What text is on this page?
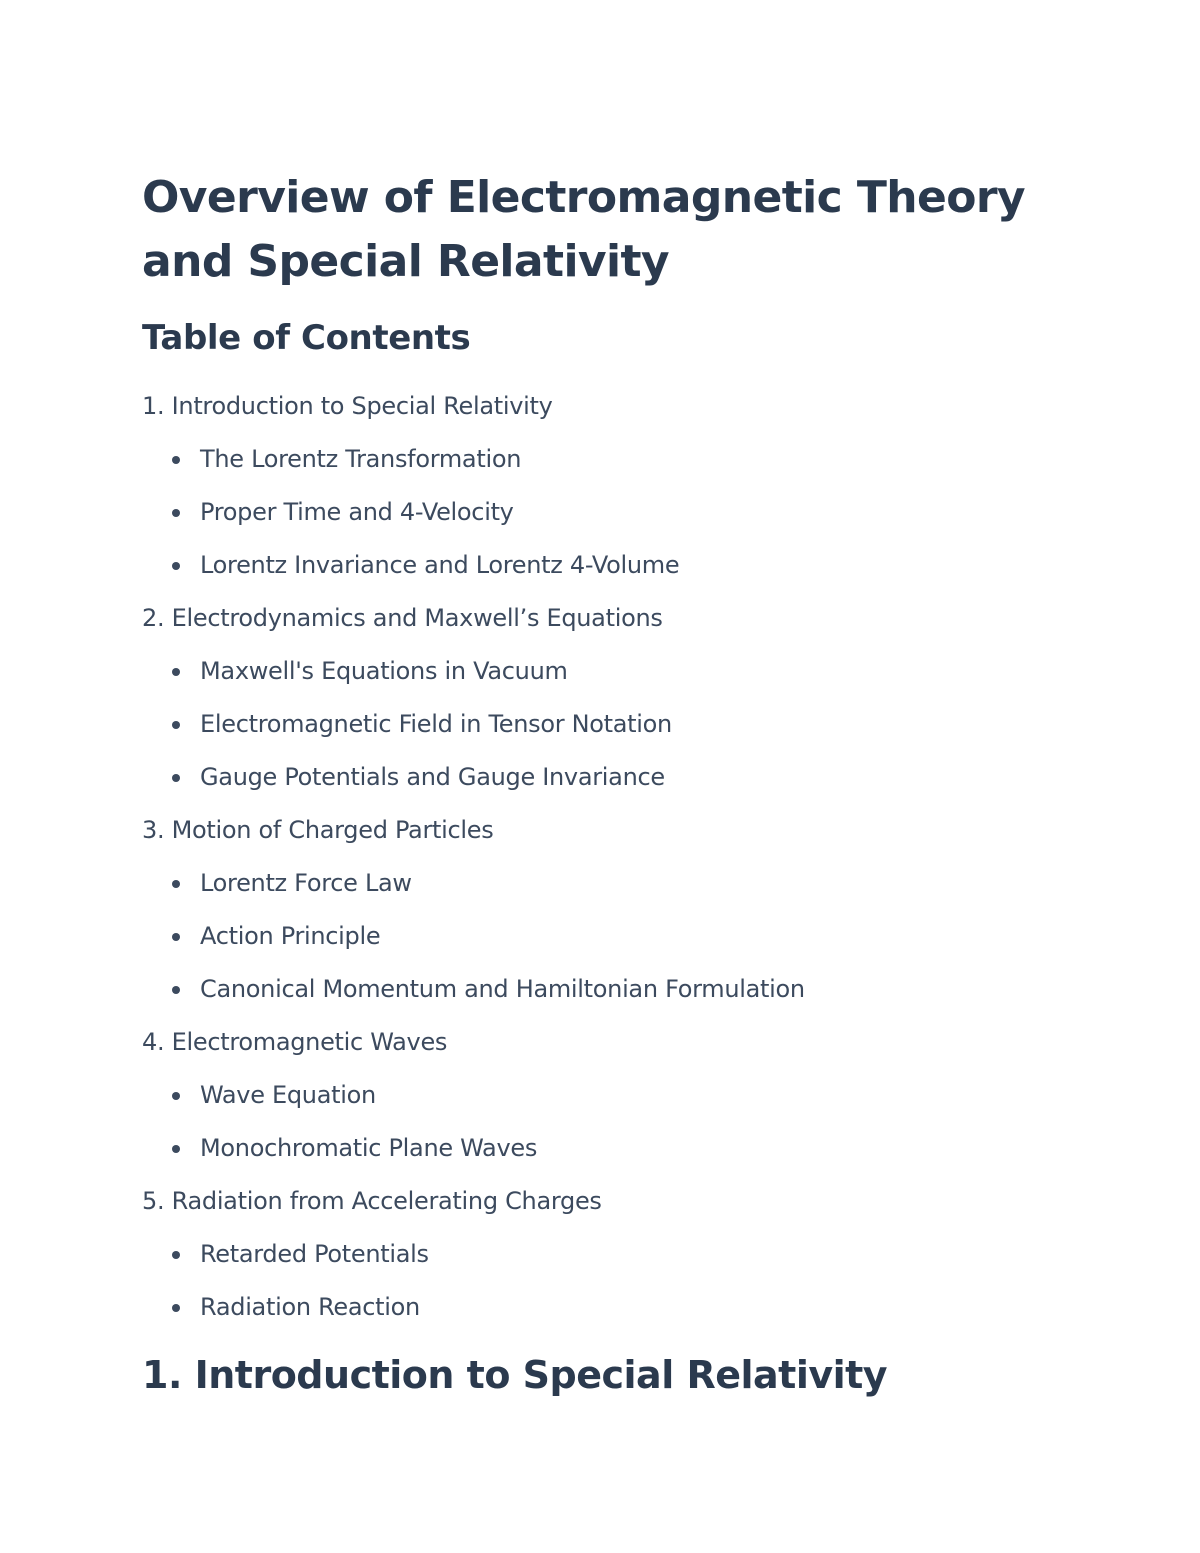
Overview of Electromagnetic Theory and Special Relativity
Table of Contents
1. Introduction to Special Relativity
The Lorentz Transformation
Proper Time and 4-Velocity
Lorentz Invariance and Lorentz 4-Volume
2. Electrodynamics and Maxwell’s Equations
Maxwell's Equations in Vacuum
Electromagnetic Field in Tensor Notation
Gauge Potentials and Gauge Invariance
3. Motion of Charged Particles
Lorentz Force Law
Action Principle
Canonical Momentum and Hamiltonian Formulation
4. Electromagnetic Waves
Wave Equation
Monochromatic Plane Waves
5. Radiation from Accelerating Charges
Retarded Potentials
Radiation Reaction
1. Introduction to Special Relativity
